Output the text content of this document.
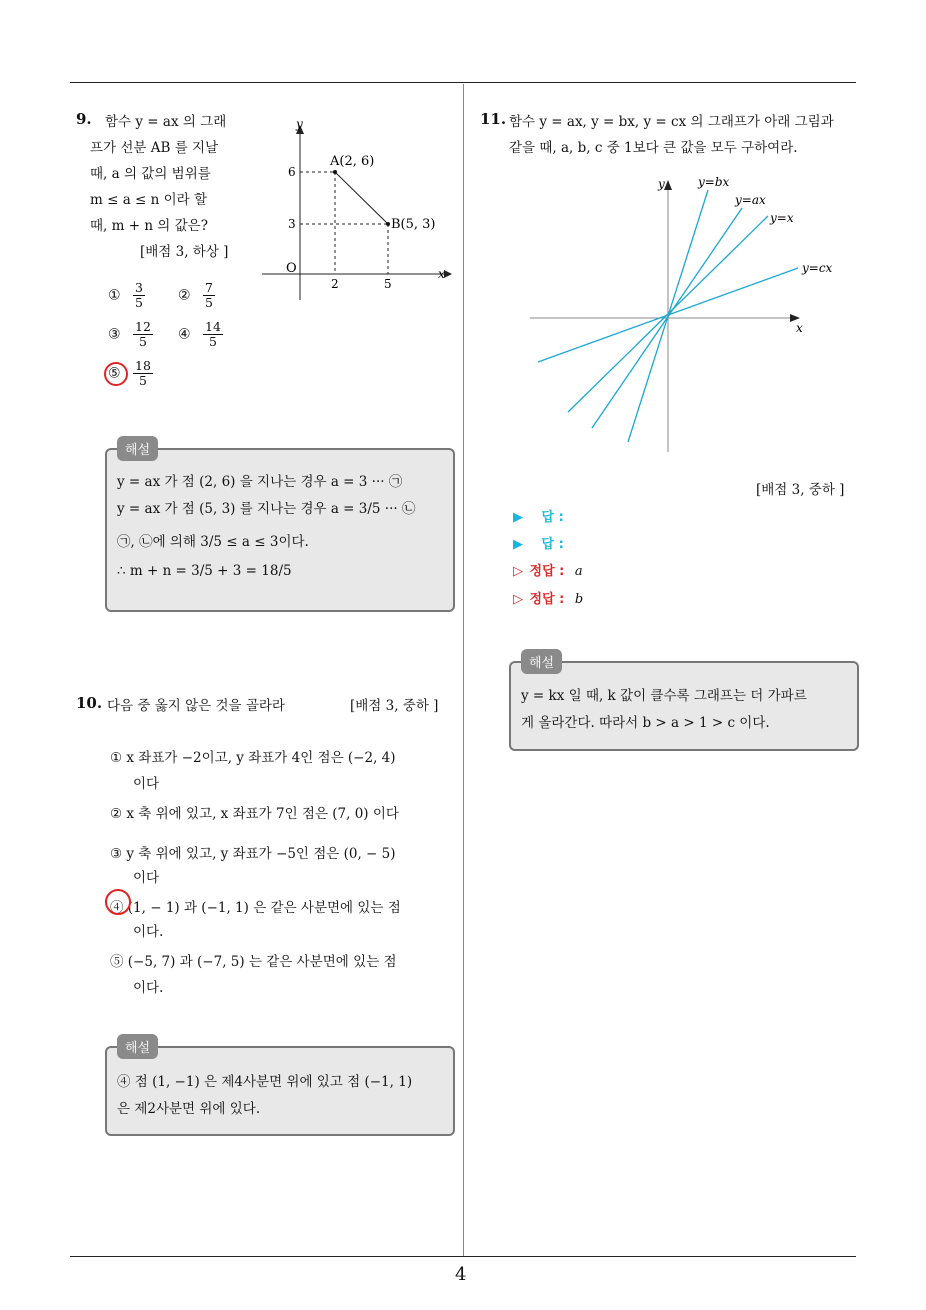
4
9. 함수 y = ax 의 그래
프가 선분 AB 를 지날
때, a 의 값의 범위를
m ≤ a ≤ n 이라 할
때, m + n 의 값은?
[배점 3, 하상 ]
y
x
O
6
3
2	5
A(2, 6)
B(5, 3)
① $\frac{3}{5}$ ② $\frac{7}{5}$
③ $\frac{12}{5}$ ④ $\frac{14}{5}$
⑤ $\frac{18}{5}$
해설
y = ax 가 점 (2, 6) 을 지나는 경우 a = 3 ··· ㉠
y = ax 가 점 (5, 3) 를 지나는 경우 a = 3/5 ··· ㉡
㉠, ㉡에 의해 3/5 ≤ a ≤ 3이다.
∴ m + n = 3/5 + 3 = 18/5
10. 다음 중 옳지 않은 것을 골라라	[배점 3, 중하 ]
① x 좌표가 −2이고, y 좌표가 4인 점은 (−2, 4)
이다
② x 축 위에 있고, x 좌표가 7인 점은 (7, 0) 이다
③ y 축 위에 있고, y 좌표가 −5인 점은 (0, − 5)
이다
④ (1, − 1) 과 (−1, 1) 은 같은 사분면에 있는 점
이다.
⑤ (−5, 7) 과 (−7, 5) 는 같은 사분면에 있는 점
이다.
해설
④ 점 (1, −1) 은 제4사분면 위에 있고 점 (−1, 1)
은 제2사분면 위에 있다.
11. 함수 y = ax, y = bx, y = cx 의 그래프가 아래 그림과
같을 때, a, b, c 중 1보다 큰 값을 모두 구하여라.
y
x
y=bx
y=ax
y=x
y=cx
[배점 3, 중하 ]
▶ 답 :
▶ 답 :
▷ 정답 : a
▷ 정답 : b
해설
y = kx 일 때, k 값이 클수록 그래프는 더 가파르
게 올라간다. 따라서 b > a > 1 > c 이다.
